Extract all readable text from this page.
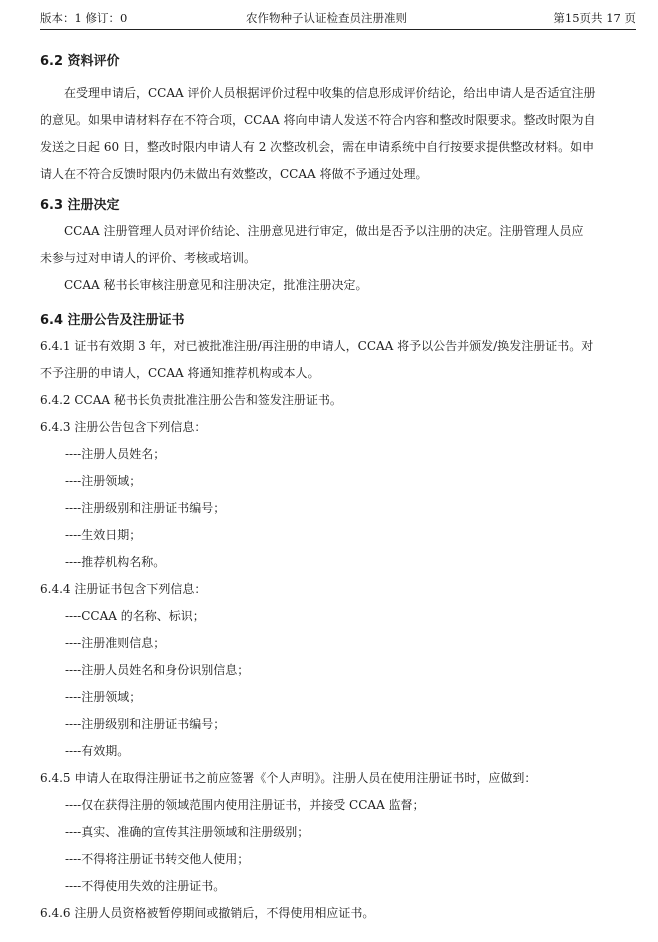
版本：1 修订：0	农作物种子认证检查员注册准则	第15页共 17 页
6.2 资料评价
在受理申请后，CCAA 评价人员根据评价过程中收集的信息形成评价结论，给出申请人是否适宜注册
的意见。如果申请材料存在不符合项，CCAA 将向申请人发送不符合内容和整改时限要求。整改时限为自
发送之日起 60 日，整改时限内申请人有 2 次整改机会，需在申请系统中自行按要求提供整改材料。如申
请人在不符合反馈时限内仍未做出有效整改，CCAA 将做不予通过处理。
6.3 注册决定
CCAA 注册管理人员对评价结论、注册意见进行审定，做出是否予以注册的决定。注册管理人员应
未参与过对申请人的评价、考核或培训。
CCAA 秘书长审核注册意见和注册决定，批准注册决定。
6.4 注册公告及注册证书
6.4.1 证书有效期 3 年，对已被批准注册/再注册的申请人，CCAA 将予以公告并颁发/换发注册证书。对
不予注册的申请人，CCAA 将通知推荐机构或本人。
6.4.2 CCAA 秘书长负责批准注册公告和签发注册证书。
6.4.3 注册公告包含下列信息：
----注册人员姓名；
----注册领域；
----注册级别和注册证书编号；
----生效日期；
----推荐机构名称。
6.4.4 注册证书包含下列信息：
----CCAA 的名称、标识；
----注册准则信息；
----注册人员姓名和身份识别信息；
----注册领域；
----注册级别和注册证书编号；
----有效期。
6.4.5 申请人在取得注册证书之前应签署《个人声明》。注册人员在使用注册证书时，应做到：
----仅在获得注册的领域范围内使用注册证书，并接受 CCAA 监督；
----真实、准确的宣传其注册领域和注册级别；
----不得将注册证书转交他人使用；
----不得使用失效的注册证书。
6.4.6 注册人员资格被暂停期间或撤销后，不得使用相应证书。
